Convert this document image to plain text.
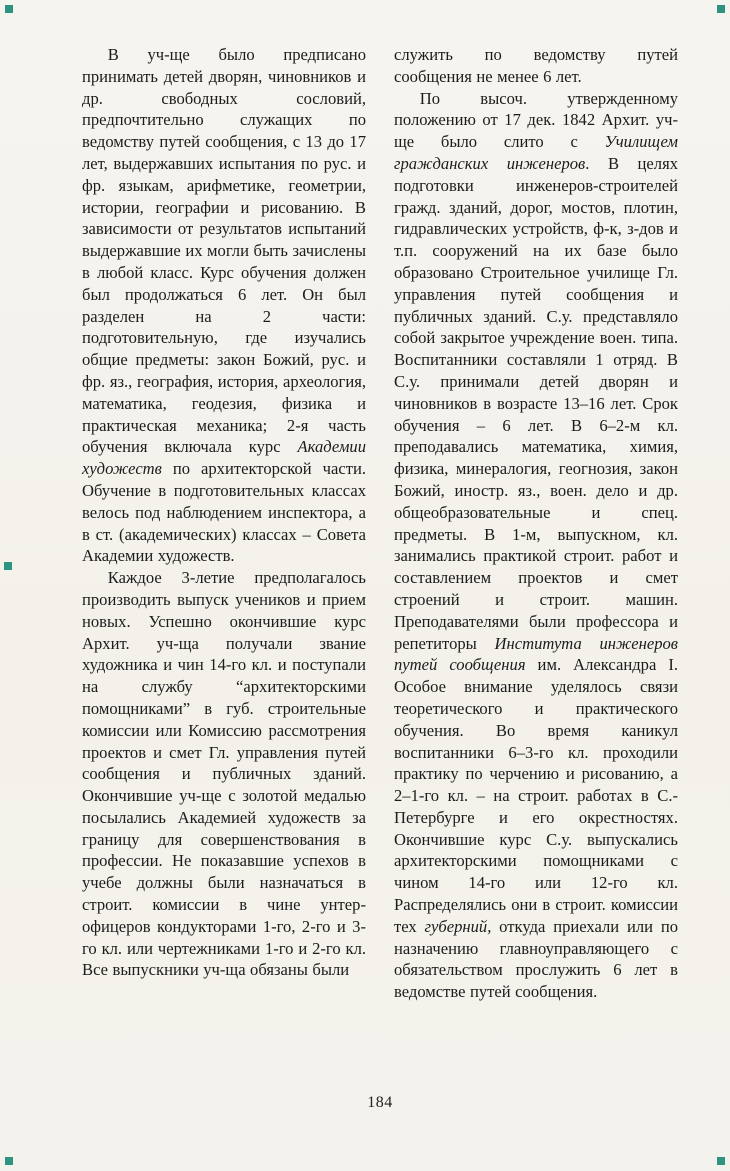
В уч-ще было предписано принимать детей дворян, чиновников и др. свободных сословий, предпочтительно служащих по ведомству путей сообщения, с 13 до 17 лет, выдержавших испытания по рус. и фр. языкам, арифметике, геометрии, истории, географии и рисованию. В зависимости от результатов испытаний выдержавшие их могли быть зачислены в любой класс. Курс обучения должен был продолжаться 6 лет. Он был разделен на 2 части: подготовительную, где изучались общие предметы: закон Божий, рус. и фр. яз., география, история, археология, математика, геодезия, физика и практическая механика; 2-я часть обучения включала курс Академии художеств по архитекторской части. Обучение в подготовительных классах велось под наблюдением инспектора, а в ст. (академических) классах – Совета Академии художеств.

Каждое 3-летие предполагалось производить выпуск учеников и прием новых. Успешно окончившие курс Архит. уч-ща получали звание художника и чин 14-го кл. и поступали на службу “архитекторскими помощниками” в губ. строительные комиссии или Комиссию рассмотрения проектов и смет Гл. управления путей сообщения и публичных зданий. Окончившие уч-ще с золотой медалью посылались Академией художеств за границу для совершенствования в профессии. Не показавшие успехов в учебе должны были назначаться в строит. комиссии в чине унтер-офицеров кондукторами 1-го, 2-го и 3-го кл. или чертежниками 1-го и 2-го кл. Все выпускники уч-ща обязаны были

служить по ведомству путей сообщения не менее 6 лет.

По высоч. утвержденному положению от 17 дек. 1842 Архит. уч-ще было слито с Училищем гражданских инженеров. В целях подготовки инженеров-строителей гражд. зданий, дорог, мостов, плотин, гидравлических устройств, ф-к, з-дов и т.п. сооружений на их базе было образовано Строительное училище Гл. управления путей сообщения и публичных зданий. С.у. представляло собой закрытое учреждение воен. типа. Воспитанники составляли 1 отряд. В С.у. принимали детей дворян и чиновников в возрасте 13–16 лет. Срок обучения – 6 лет. В 6–2-м кл. преподавались математика, химия, физика, минералогия, геогнозия, закон Божий, иностр. яз., воен. дело и др. общеобразовательные и спец. предметы. В 1-м, выпускном, кл. занимались практикой строит. работ и составлением проектов и смет строений и строит. машин. Преподавателями были профессора и репетиторы Института инженеров путей сообщения им. Александра I. Особое внимание уделялось связи теоретического и практического обучения. Во время каникул воспитанники 6–3-го кл. проходили практику по черчению и рисованию, а 2–1-го кл. – на строит. работах в С.-Петербурге и его окрестностях. Окончившие курс С.у. выпускались архитекторскими помощниками с чином 14-го или 12-го кл. Распределялись они в строит. комиссии тех губерний, откуда приехали или по назначению главноуправляющего с обязательством прослужить 6 лет в ведомстве путей сообщения.

184
